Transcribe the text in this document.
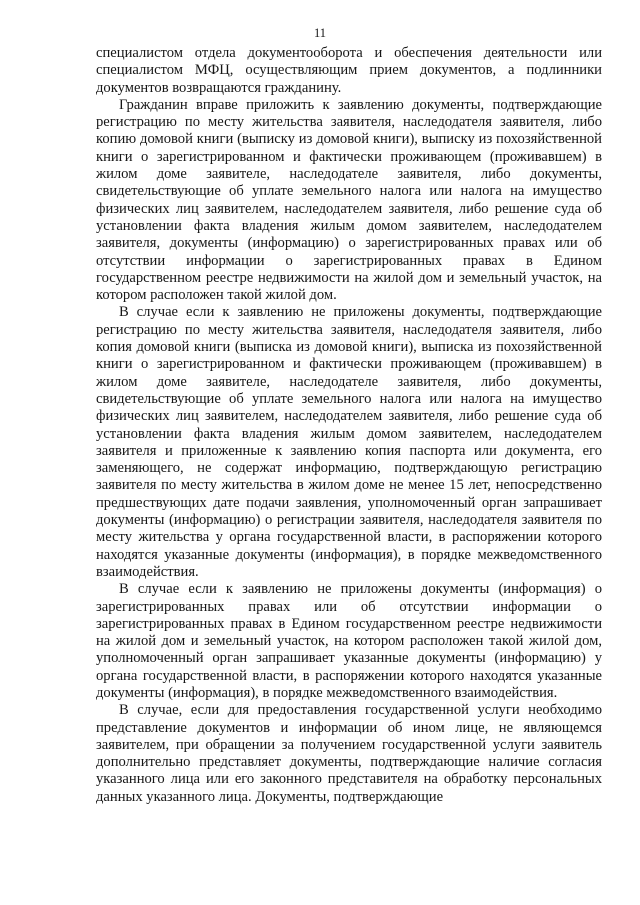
11

специалистом отдела документооборота и обеспечения деятельности или специалистом МФЦ, осуществляющим прием документов, а подлинники документов возвращаются гражданину.

Гражданин вправе приложить к заявлению документы, подтверждающие регистрацию по месту жительства заявителя, наследодателя заявителя, либо копию домовой книги (выписку из домовой книги), выписку из похозяйственной книги о зарегистрированном и фактически проживающем (проживавшем) в жилом доме заявителе, наследодателе заявителя, либо документы, свидетельствующие об уплате земельного налога или налога на имущество физических лиц заявителем, наследодателем заявителя, либо решение суда об установлении факта владения жилым домом заявителем, наследодателем заявителя, документы (информацию) о зарегистрированных правах или об отсутствии информации о зарегистрированных правах в Едином государственном реестре недвижимости на жилой дом и земельный участок, на котором расположен такой жилой дом.

В случае если к заявлению не приложены документы, подтверждающие регистрацию по месту жительства заявителя, наследодателя заявителя, либо копия домовой книги (выписка из домовой книги), выписка из похозяйственной книги о зарегистрированном и фактически проживающем (проживавшем) в жилом доме заявителе, наследодателе заявителя, либо документы, свидетельствующие об уплате земельного налога или налога на имущество физических лиц заявителем, наследодателем заявителя, либо решение суда об установлении факта владения жилым домом заявителем, наследодателем заявителя и приложенные к заявлению копия паспорта или документа, его заменяющего, не содержат информацию, подтверждающую регистрацию заявителя по месту жительства в жилом доме не менее 15 лет, непосредственно предшествующих дате подачи заявления, уполномоченный орган запрашивает документы (информацию) о регистрации заявителя, наследодателя заявителя по месту жительства у органа государственной власти, в распоряжении которого находятся указанные документы (информация), в порядке межведомственного взаимодействия.

В случае если к заявлению не приложены документы (информация) о зарегистрированных правах или об отсутствии информации о зарегистрированных правах в Едином государственном реестре недвижимости на жилой дом и земельный участок, на котором расположен такой жилой дом, уполномоченный орган запрашивает указанные документы (информацию) у органа государственной власти, в распоряжении которого находятся указанные документы (информация), в порядке межведомственного взаимодействия.

В случае, если для предоставления государственной услуги необходимо представление документов и информации об ином лице, не являющемся заявителем, при обращении за получением государственной услуги заявитель дополнительно представляет документы, подтверждающие наличие согласия указанного лица или его законного представителя на обработку персональных данных указанного лица. Документы, подтверждающие
